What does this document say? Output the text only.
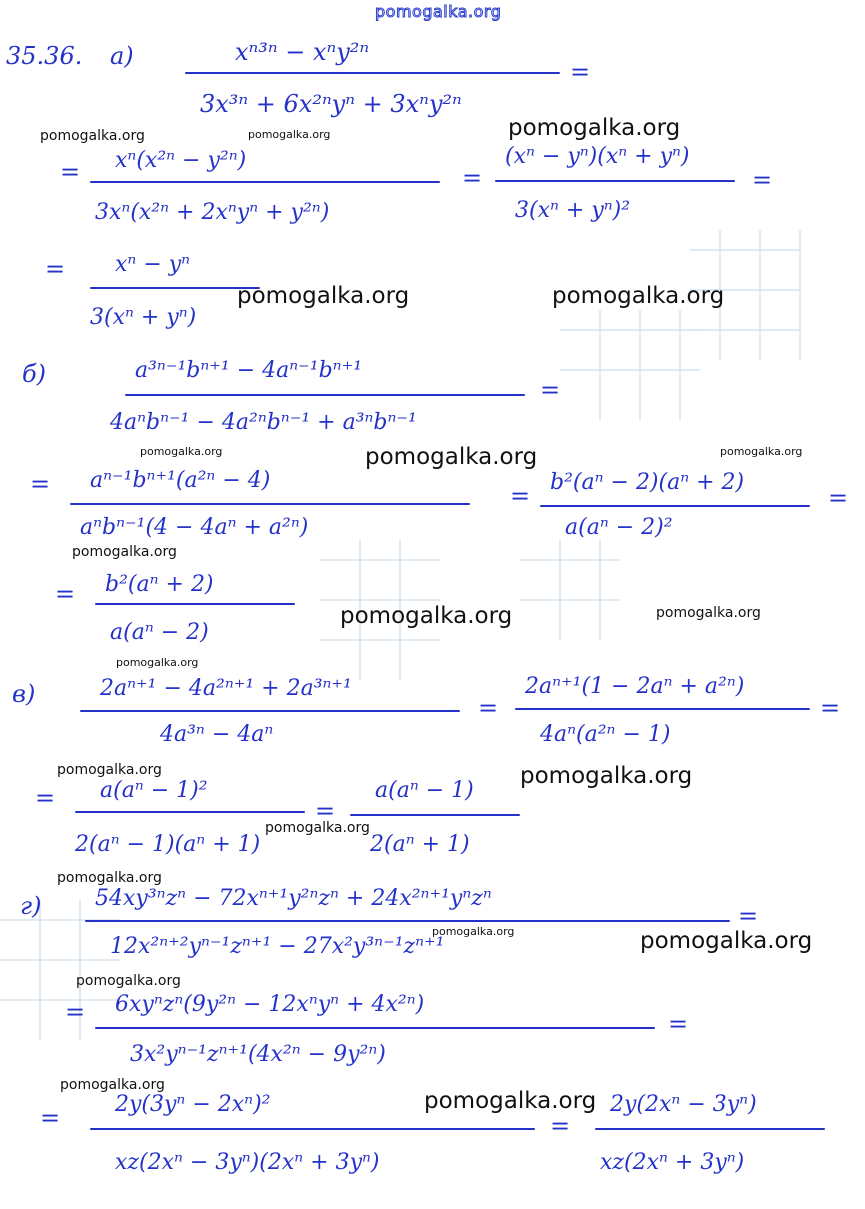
pomogalka.org
35.36. а)	xⁿ³ⁿ − xⁿy²ⁿ
3x³ⁿ + 6x²ⁿyⁿ + 3xⁿy²ⁿ
=
= xⁿ(x²ⁿ − y²ⁿ)
3xⁿ(x²ⁿ + 2xⁿyⁿ + y²ⁿ)
=
(xⁿ − yⁿ)(xⁿ + yⁿ)
3(xⁿ + yⁿ)²
=
= xⁿ − yⁿ
3(xⁿ + yⁿ)
б)	a³ⁿ⁻¹bⁿ⁺¹ − 4aⁿ⁻¹bⁿ⁺¹
4aⁿbⁿ⁻¹ − 4a²ⁿbⁿ⁻¹ + a³ⁿbⁿ⁻¹
=
= aⁿ⁻¹bⁿ⁺¹(a²ⁿ − 4)
aⁿbⁿ⁻¹(4 − 4aⁿ + a²ⁿ)
= b²(aⁿ − 2)(aⁿ + 2)
a(aⁿ − 2)²
=
= b²(aⁿ + 2)
a(aⁿ − 2)
в)	2aⁿ⁺¹ − 4a²ⁿ⁺¹ + 2a³ⁿ⁺¹
4a³ⁿ − 4aⁿ
=
2aⁿ⁺¹(1 − 2aⁿ + a²ⁿ)
4aⁿ(a²ⁿ − 1)
=
= a(aⁿ − 1)²
2(aⁿ − 1)(aⁿ + 1)
=
a(aⁿ − 1)
2(aⁿ + 1)
г) 54xy³ⁿzⁿ − 72xⁿ⁺¹y²ⁿzⁿ + 24x²ⁿ⁺¹yⁿzⁿ
12x²ⁿ⁺²yⁿ⁻¹zⁿ⁺¹ − 27x²y³ⁿ⁻¹zⁿ⁺¹
=
= 6xyⁿzⁿ(9y²ⁿ − 12xⁿyⁿ + 4x²ⁿ)
3x²yⁿ⁻¹zⁿ⁺¹(4x²ⁿ − 9y²ⁿ)
=
= 2y(3yⁿ − 2xⁿ)²
xz(2xⁿ − 3yⁿ)(2xⁿ + 3yⁿ)
=
2y(2xⁿ − 3yⁿ)
xz(2xⁿ + 3yⁿ)
pomogalka.org	pomogalka.org	pomogalka.org
pomogalka.org	pomogalka.org
pomogalka.org	pomogalka.org	pomogalka.org
pomogalka.org
pomogalka.org	pomogalka.org
pomogalka.org
pomogalka.org	pomogalka.org
pomogalka.org
pomogalka.org
pomogalka.org	pomogalka.org
pomogalka.org
pomogalka.org
pomogalka.org
